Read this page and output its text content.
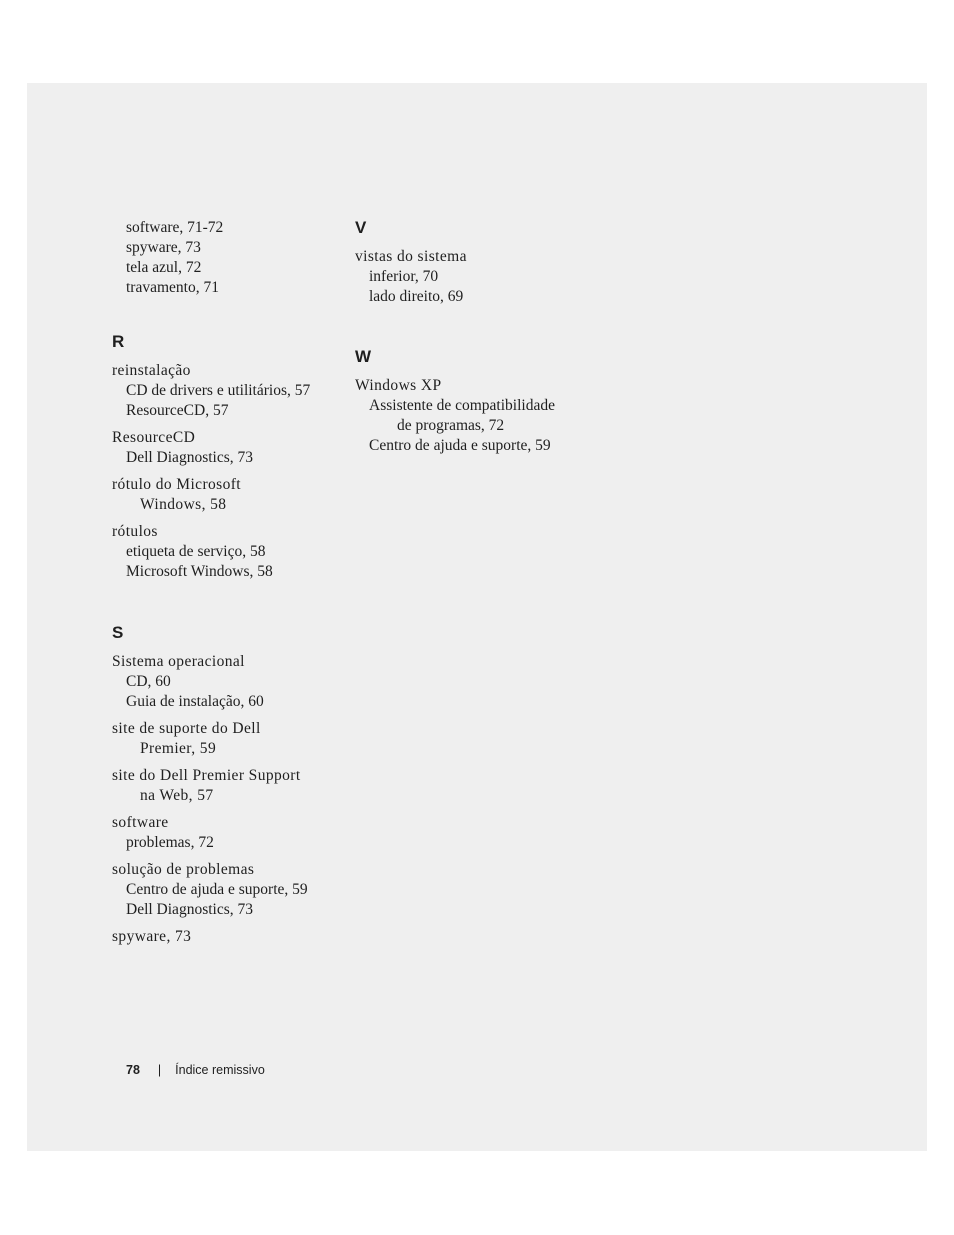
software, 71-72
spyware, 73
tela azul, 72
travamento, 71
R
reinstalação
CD de drivers e utilitários, 57
ResourceCD, 57
ResourceCD
Dell Diagnostics, 73
rótulo do Microsoft
Windows, 58
rótulos
etiqueta de serviço, 58
Microsoft Windows, 58
S
Sistema operacional
CD, 60
Guia de instalação, 60
site de suporte do Dell
Premier, 59
site do Dell Premier Support
na Web, 57
software
problemas, 72
solução de problemas
Centro de ajuda e suporte, 59
Dell Diagnostics, 73
spyware, 73
V
vistas do sistema
inferior, 70
lado direito, 69
W
Windows XP
Assistente de compatibilidade
de programas, 72
Centro de ajuda e suporte, 59
78 | Índice remissivo
